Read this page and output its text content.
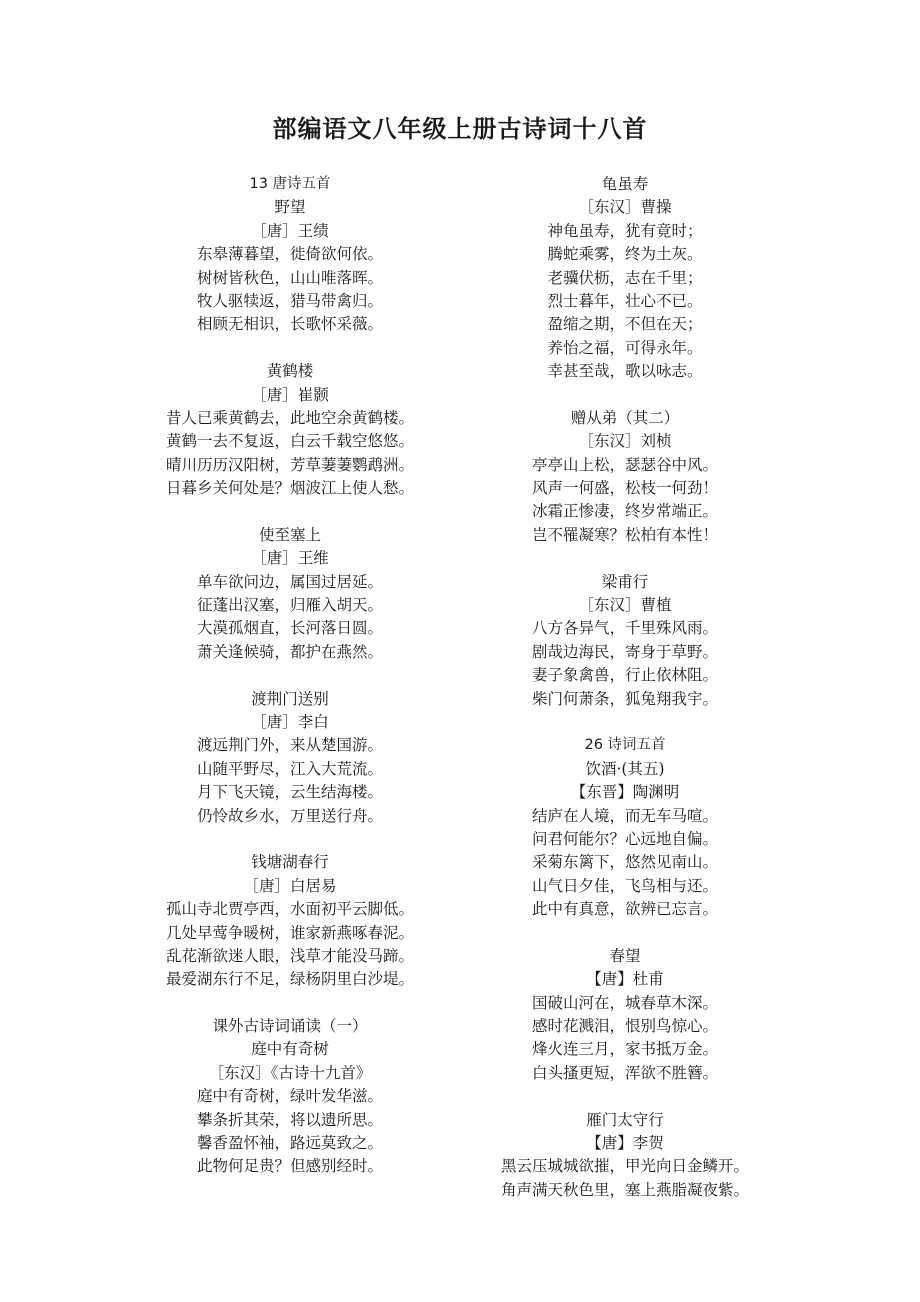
部编语文八年级上册古诗词十八首
13 唐诗五首
野望
［唐］王绩
东皋薄暮望，徙倚欲何依。
树树皆秋色，山山唯落晖。
牧人驱犊返，猎马带禽归。
相顾无相识，长歌怀采薇。
黄鹤楼
［唐］崔颢
昔人已乘黄鹤去，此地空余黄鹤楼。
黄鹤一去不复返，白云千载空悠悠。
晴川历历汉阳树，芳草萋萋鹦鹉洲。
日暮乡关何处是？烟波江上使人愁。
使至塞上
［唐］王维
单车欲问边，属国过居延。
征蓬出汉塞，归雁入胡天。
大漠孤烟直，长河落日圆。
萧关逢候骑，都护在燕然。
渡荆门送别
［唐］李白
渡远荆门外，来从楚国游。
山随平野尽，江入大荒流。
月下飞天镜，云生结海楼。
仍怜故乡水，万里送行舟。
钱塘湖春行
［唐］白居易
孤山寺北贾亭西，水面初平云脚低。
几处早莺争暖树，谁家新燕啄春泥。
乱花渐欲迷人眼，浅草才能没马蹄。
最爱湖东行不足，绿杨阴里白沙堤。
课外古诗词诵读（一）
庭中有奇树
［东汉］《古诗十九首》
庭中有奇树，绿叶发华滋。
攀条折其荣，将以遗所思。
馨香盈怀袖，路远莫致之。
此物何足贵？但感别经时。
龟虽寿
［东汉］曹操
神龟虽寿，犹有竟时；
腾蛇乘雾，终为土灰。
老骥伏枥，志在千里；
烈士暮年，壮心不已。
盈缩之期，不但在天；
养怡之福，可得永年。
幸甚至哉，歌以咏志。
赠从弟（其二）
［东汉］刘桢
亭亭山上松，瑟瑟谷中风。
风声一何盛，松枝一何劲！
冰霜正惨凄，终岁常端正。
岂不罹凝寒？松柏有本性！
梁甫行
［东汉］曹植
八方各异气，千里殊风雨。
剧哉边海民，寄身于草野。
妻子象禽兽，行止依林阻。
柴门何萧条，狐兔翔我宇。
26 诗词五首
饮酒·(其五)
【东晋】陶渊明
结庐在人境，而无车马喧。
问君何能尔？心远地自偏。
采菊东篱下，悠然见南山。
山气日夕佳，飞鸟相与还。
此中有真意，欲辨已忘言。
春望
【唐】杜甫
国破山河在，城春草木深。
感时花溅泪，恨别鸟惊心。
烽火连三月，家书抵万金。
白头搔更短，浑欲不胜簪。
雁门太守行
【唐】李贺
黑云压城城欲摧，甲光向日金鳞开。
角声满天秋色里，塞上燕脂凝夜紫。
